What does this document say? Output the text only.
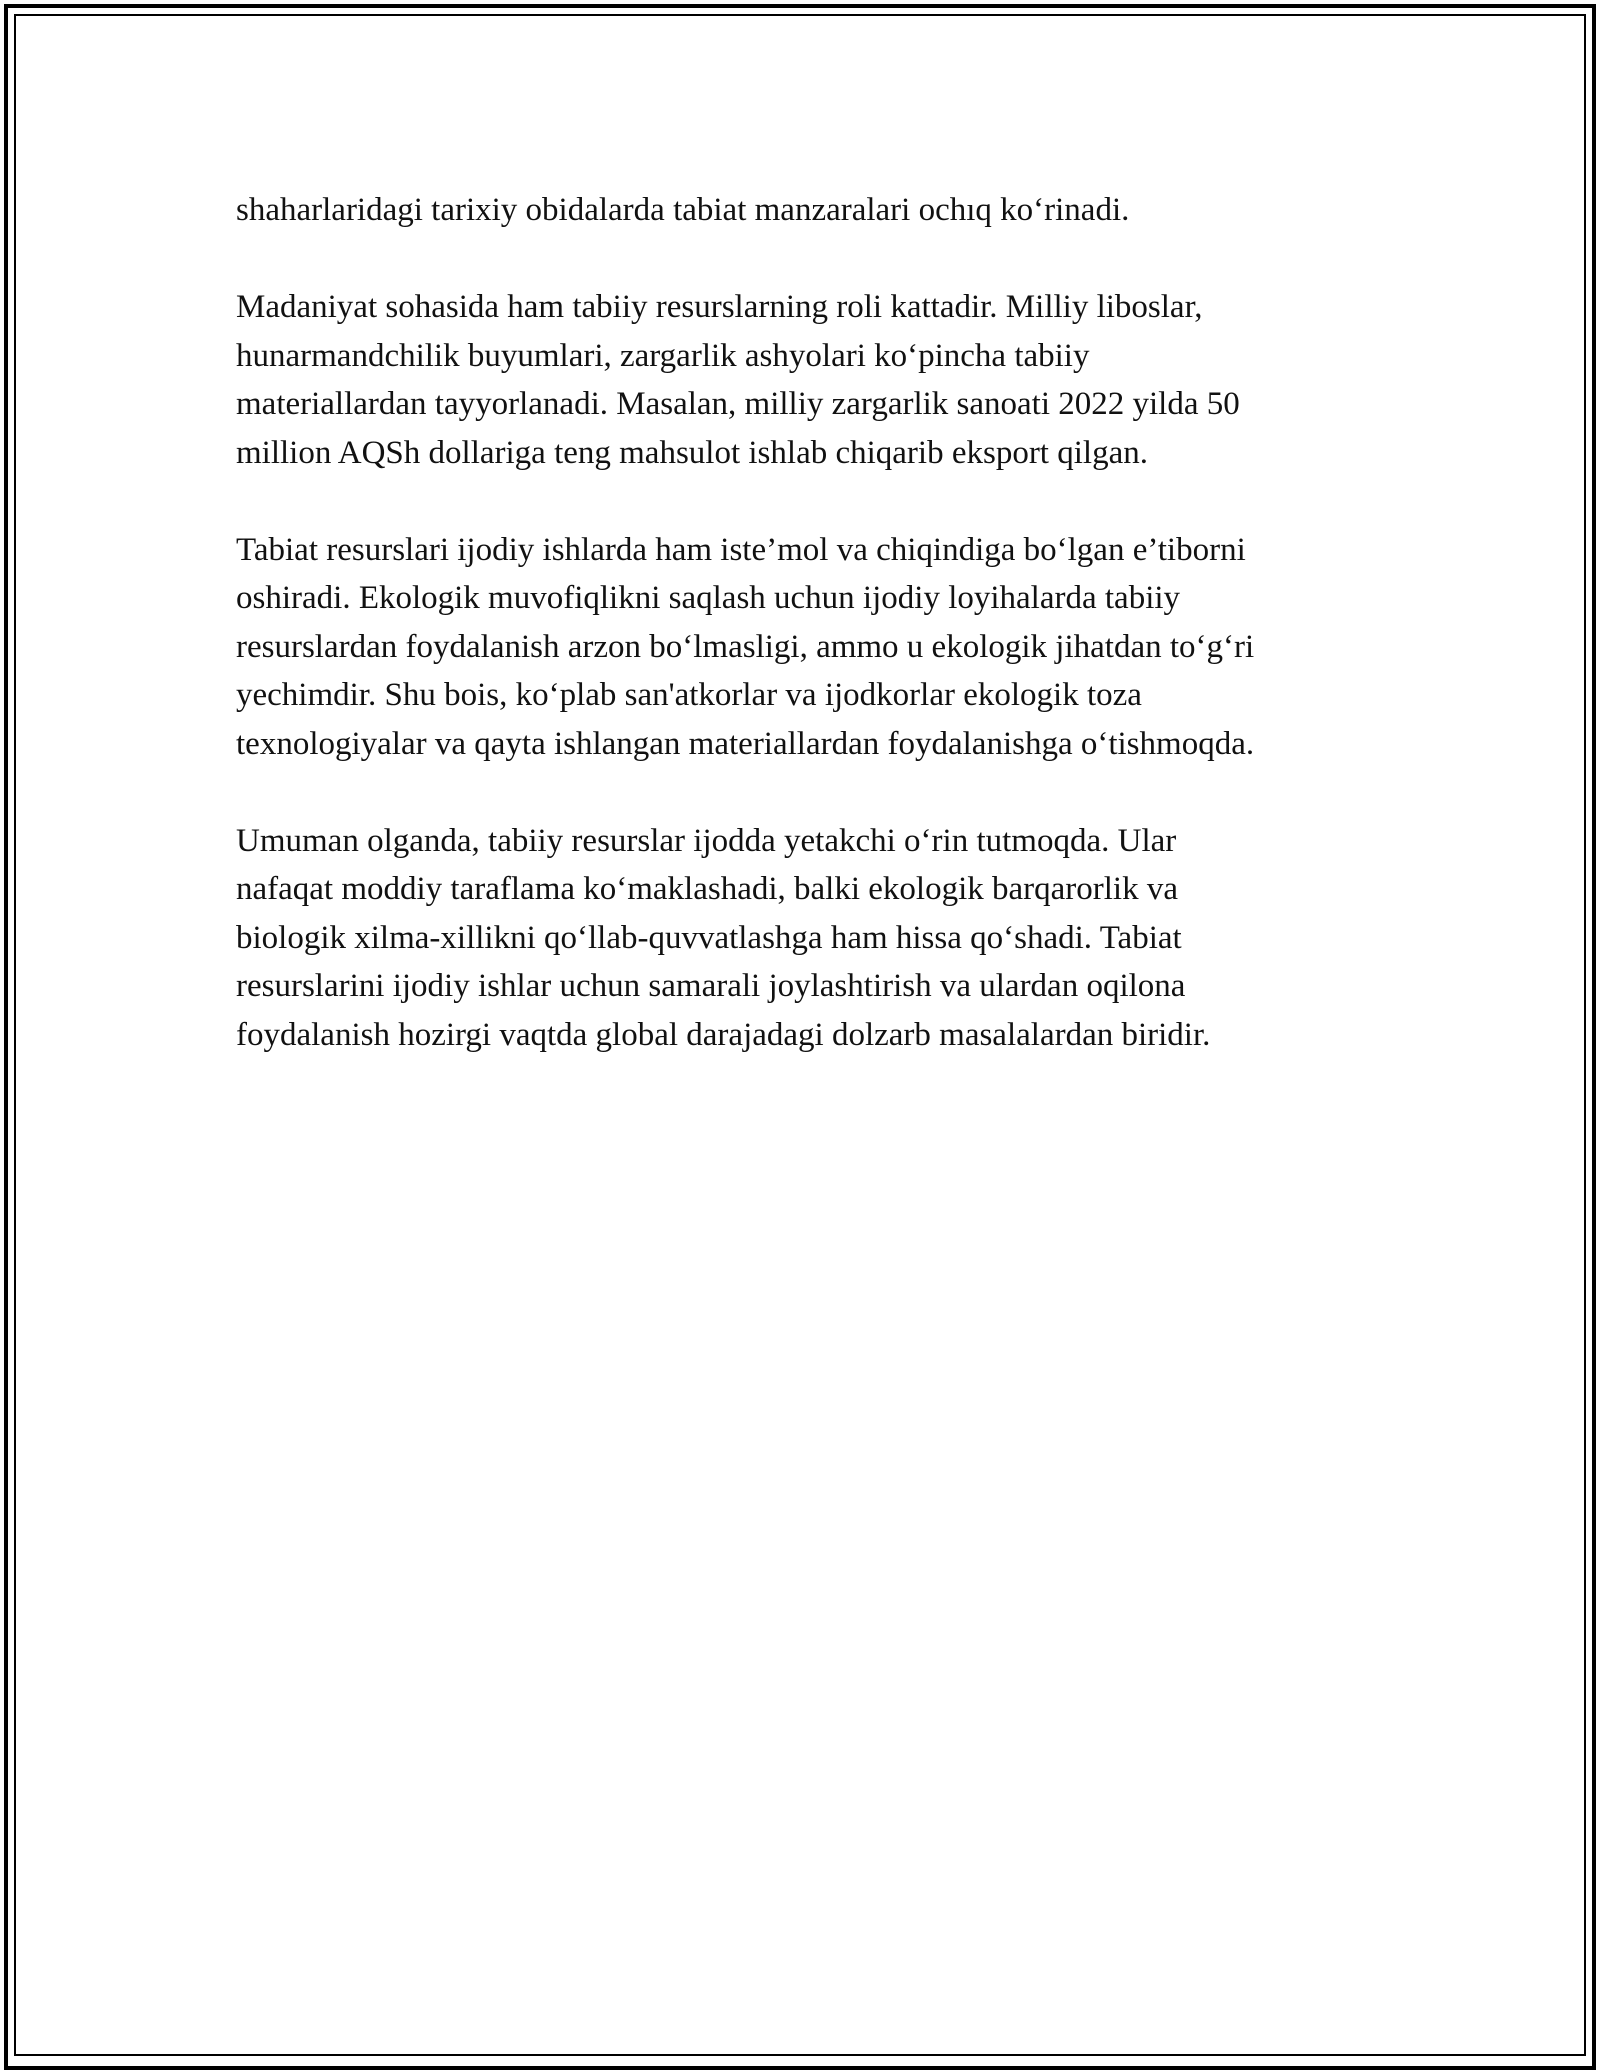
shaharlaridagi tarixiy obidalarda tabiat manzaralari ochıq ko‘rinadi.

Madaniyat sohasida ham tabiiy resurslarning roli kattadir. Milliy liboslar,
hunarmandchilik buyumlari, zargarlik ashyolari ko‘pincha tabiiy
materiallardan tayyorlanadi. Masalan, milliy zargarlik sanoati 2022 yilda 50
million AQSh dollariga teng mahsulot ishlab chiqarib eksport qilgan.

Tabiat resurslari ijodiy ishlarda ham iste’mol va chiqindiga bo‘lgan e’tiborni
oshiradi. Ekologik muvofiqlikni saqlash uchun ijodiy loyihalarda tabiiy
resurslardan foydalanish arzon bo‘lmasligi, ammo u ekologik jihatdan to‘g‘ri
yechimdir. Shu bois, ko‘plab san'atkorlar va ijodkorlar ekologik toza
texnologiyalar va qayta ishlangan materiallardan foydalanishga o‘tishmoqda.

Umuman olganda, tabiiy resurslar ijodda yetakchi o‘rin tutmoqda. Ular
nafaqat moddiy taraflama ko‘maklashadi, balki ekologik barqarorlik va
biologik xilma-xillikni qo‘llab-quvvatlashga ham hissa qo‘shadi. Tabiat
resurslarini ijodiy ishlar uchun samarali joylashtirish va ulardan oqilona
foydalanish hozirgi vaqtda global darajadagi dolzarb masalalardan biridir.
